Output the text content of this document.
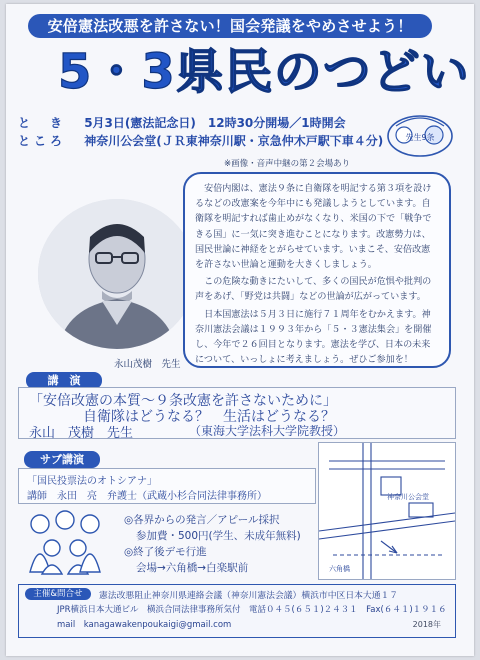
安倍憲法改悪を許さない！国会発議をやめさせよう！
5・3県民のつどい
先生9条
と　き 5月3日(憲法記念日)　12時30分開場／1時開会
ところ 神奈川公会堂(ＪＲ東神奈川駅・京急仲木戸駅下車４分)
※画像・音声中継の第２会場あり
永山茂樹　先生

安倍内閣は、憲法９条に自衛隊を明記する第３項を設けるなどの改憲案を今年中にも発議しようとしています。自衛隊を明記すれば歯止めがなくなり、米国の下で「戦争できる国」に一気に突き進むことになります。改憲勢力は、国民世論に神経をとがらせています。いまこそ、安倍改憲を許さない世論と運動を大きくしましょう。

この危険な動きにたいして、多くの国民が危惧や批判の声をあげ、「野党は共闘」などの世論が広がっています。

日本国憲法は５月３日に施行７１周年をむかえます。神奈川憲法会議は１９９３年から「５・３憲法集会」を開催し、今年で２６回目となります。憲法を学び、日本の未来について、いっしょに考えましょう。ぜひご参加を！

講　演
「安倍改憲の本質～９条改憲を許さないために」
自衛隊はどうなる？　生活はどうなる？
永山　茂樹　先生	（東海大学法科大学院教授）
サブ講演
「国民投票法のオトシアナ」
講師　永田　亮　弁護士（武蔵小杉合同法律事務所）
◎各界からの発言／アピール採択
参加費・500円(学生、未成年無料)
◎終了後デモ行進
会場→六角橋→白楽駅前
神奈川公会堂
六角橋
主催&問合せ	憲法改悪阻止神奈川県連絡会議（神奈川憲法会議）横浜市中区日本大通１７
JPR横浜日本大通ビル　横浜合同法律事務所気付　電話０４５(６５１)２４３１　Fax(６４１)１９１６
mail　kanagawakenpoukaigi@gmail.com	2018年
